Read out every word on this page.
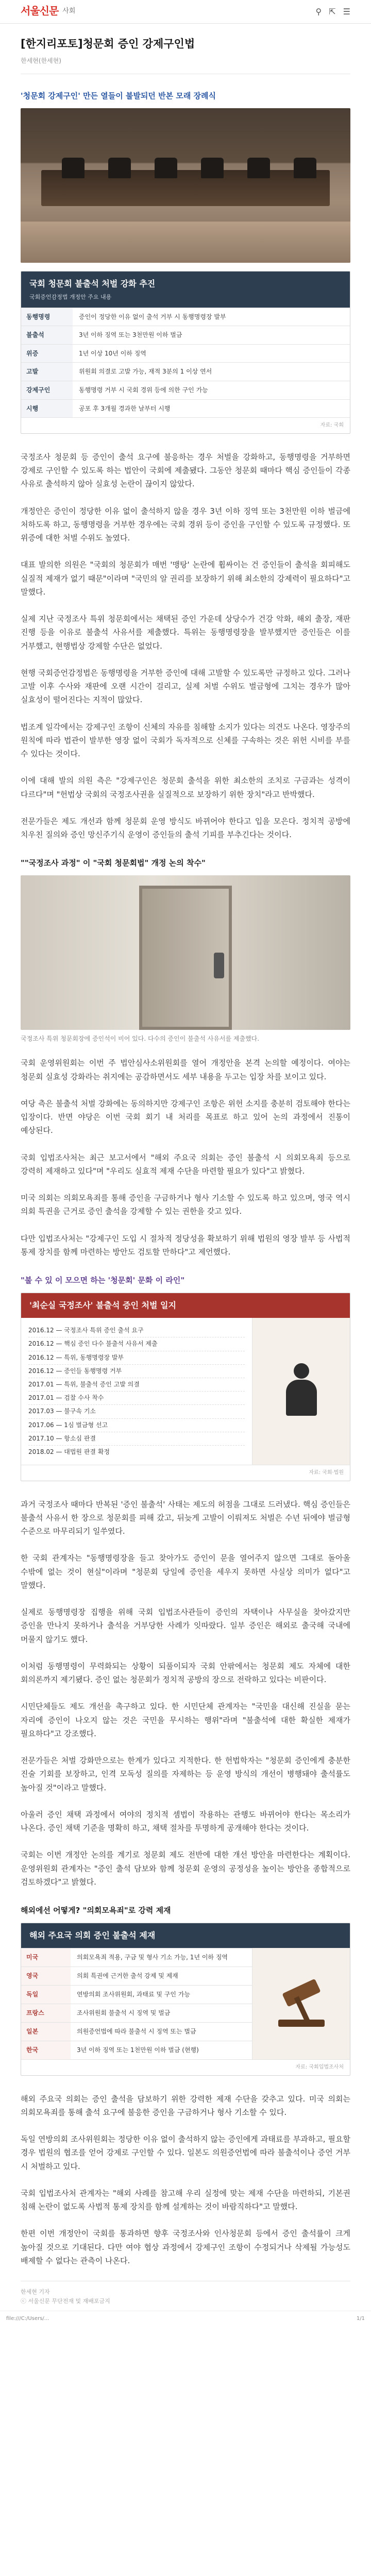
서울신문 사회	⚲ ⇱ ☰
[한지리포토]청문회 증인 강제구인법
한세현(한세현)
'청문회 강제구인' 만든 열들이 불발되던 반본 모래 장례식
국회 청문회 불출석 처벌 강화 추진
국회증언감정법 개정안 주요 내용
동행명령	증인이 정당한 이유 없이 출석 거부 시 동행명령장 발부
불출석	3년 이하 징역 또는 3천만원 이하 벌금
위증	1년 이상 10년 이하 징역
고발	위원회 의결로 고발 가능, 재적 3분의 1 이상 연서
강제구인	동행명령 거부 시 국회 경위 등에 의한 구인 가능
시행	공포 후 3개월 경과한 날부터 시행
자료: 국회

국정조사 청문회 등 증인이 출석 요구에 불응하는 경우 처벌을 강화하고, 동행명령을 거부하면 강제로 구인할 수 있도록 하는 법안이 국회에 제출됐다. 그동안 청문회 때마다 핵심 증인들이 각종 사유로 출석하지 않아 실효성 논란이 끊이지 않았다.

개정안은 증인이 정당한 이유 없이 출석하지 않을 경우 3년 이하 징역 또는 3천만원 이하 벌금에 처하도록 하고, 동행명령을 거부한 경우에는 국회 경위 등이 증인을 구인할 수 있도록 규정했다. 또 위증에 대한 처벌 수위도 높였다.

대표 발의한 의원은 "국회의 청문회가 매번 '맹탕' 논란에 휩싸이는 건 증인들이 출석을 회피해도 실질적 제재가 없기 때문"이라며 "국민의 알 권리를 보장하기 위해 최소한의 강제력이 필요하다"고 말했다.

실제 지난 국정조사 특위 청문회에서는 채택된 증인 가운데 상당수가 건강 악화, 해외 출장, 재판 진행 등을 이유로 불출석 사유서를 제출했다. 특위는 동행명령장을 발부했지만 증인들은 이를 거부했고, 현행법상 강제할 수단은 없었다.

현행 국회증언감정법은 동행명령을 거부한 증인에 대해 고발할 수 있도록만 규정하고 있다. 그러나 고발 이후 수사와 재판에 오랜 시간이 걸리고, 실제 처벌 수위도 벌금형에 그치는 경우가 많아 실효성이 떨어진다는 지적이 많았다.

법조계 일각에서는 강제구인 조항이 신체의 자유를 침해할 소지가 있다는 의견도 나온다. 영장주의 원칙에 따라 법관이 발부한 영장 없이 국회가 독자적으로 신체를 구속하는 것은 위헌 시비를 부를 수 있다는 것이다.

이에 대해 발의 의원 측은 "강제구인은 청문회 출석을 위한 최소한의 조치로 구금과는 성격이 다르다"며 "헌법상 국회의 국정조사권을 실질적으로 보장하기 위한 장치"라고 반박했다.

전문가들은 제도 개선과 함께 청문회 운영 방식도 바뀌어야 한다고 입을 모은다. 정치적 공방에 치우친 질의와 증인 망신주기식 운영이 증인들의 출석 기피를 부추긴다는 것이다.

""국정조사 과정" 이 "국회 청문회법" 개정 논의 착수"
국정조사 특위 청문회장에 증인석이 비어 있다. 다수의 증인이 불출석 사유서를 제출했다.

국회 운영위원회는 이번 주 법안심사소위원회를 열어 개정안을 본격 논의할 예정이다. 여야는 청문회 실효성 강화라는 취지에는 공감하면서도 세부 내용을 두고는 입장 차를 보이고 있다.

여당 측은 불출석 처벌 강화에는 동의하지만 강제구인 조항은 위헌 소지를 충분히 검토해야 한다는 입장이다. 반면 야당은 이번 국회 회기 내 처리를 목표로 하고 있어 논의 과정에서 진통이 예상된다.

국회 입법조사처는 최근 보고서에서 "해외 주요국 의회는 증인 불출석 시 의회모욕죄 등으로 강력히 제재하고 있다"며 "우리도 실효적 제재 수단을 마련할 필요가 있다"고 밝혔다.

미국 의회는 의회모욕죄를 통해 증인을 구금하거나 형사 기소할 수 있도록 하고 있으며, 영국 역시 의회 특권을 근거로 증인 출석을 강제할 수 있는 권한을 갖고 있다.

다만 입법조사처는 "강제구인 도입 시 절차적 정당성을 확보하기 위해 법원의 영장 발부 등 사법적 통제 장치를 함께 마련하는 방안도 검토할 만하다"고 제언했다.

"불 수 있 이 모으면 하는 '청문회' 문화 이 라인"
'최순실 국정조사' 불출석 증인 처벌 일지
2016.12 — 국정조사 특위 증인 출석 요구
2016.12 — 핵심 증인 다수 불출석 사유서 제출
2016.12 — 특위, 동행명령장 발부
2016.12 — 증인들 동행명령 거부
2017.01 — 특위, 불출석 증인 고발 의결
2017.01 — 검찰 수사 착수
2017.03 — 불구속 기소
2017.06 — 1심 벌금형 선고
2017.10 — 항소심 판결
2018.02 — 대법원 판결 확정
자료: 국회·법원

과거 국정조사 때마다 반복된 '증인 불출석' 사태는 제도의 허점을 그대로 드러냈다. 핵심 증인들은 불출석 사유서 한 장으로 청문회를 피해 갔고, 뒤늦게 고발이 이뤄져도 처벌은 수년 뒤에야 벌금형 수준으로 마무리되기 일쑤였다.

한 국회 관계자는 "동행명령장을 들고 찾아가도 증인이 문을 열어주지 않으면 그대로 돌아올 수밖에 없는 것이 현실"이라며 "청문회 당일에 증인을 세우지 못하면 사실상 의미가 없다"고 말했다.

실제로 동행명령장 집행을 위해 국회 입법조사관들이 증인의 자택이나 사무실을 찾아갔지만 증인을 만나지 못하거나 출석을 거부당한 사례가 잇따랐다. 일부 증인은 해외로 출국해 국내에 머물지 않기도 했다.

이처럼 동행명령이 무력화되는 상황이 되풀이되자 국회 안팎에서는 청문회 제도 자체에 대한 회의론까지 제기됐다. 증인 없는 청문회가 정치적 공방의 장으로 전락하고 있다는 비판이다.

시민단체들도 제도 개선을 촉구하고 있다. 한 시민단체 관계자는 "국민을 대신해 진실을 묻는 자리에 증인이 나오지 않는 것은 국민을 무시하는 행위"라며 "불출석에 대한 확실한 제재가 필요하다"고 강조했다.

전문가들은 처벌 강화만으로는 한계가 있다고 지적한다. 한 헌법학자는 "청문회 증인에게 충분한 진술 기회를 보장하고, 인격 모독성 질의를 자제하는 등 운영 방식의 개선이 병행돼야 출석률도 높아질 것"이라고 말했다.

아울러 증인 채택 과정에서 여야의 정치적 셈법이 작용하는 관행도 바뀌어야 한다는 목소리가 나온다. 증인 채택 기준을 명확히 하고, 채택 절차를 투명하게 공개해야 한다는 것이다.

국회는 이번 개정안 논의를 계기로 청문회 제도 전반에 대한 개선 방안을 마련한다는 계획이다. 운영위원회 관계자는 "증인 출석 담보와 함께 청문회 운영의 공정성을 높이는 방안을 종합적으로 검토하겠다"고 밝혔다.

해외에선 어떻게? "의회모욕죄"로 강력 제재
해외 주요국 의회 증인 불출석 제재
미국	의회모욕죄 적용, 구금 및 형사 기소 가능, 1년 이하 징역
영국	의회 특권에 근거한 출석 강제 및 제재
독일	연방의회 조사위원회, 과태료 및 구인 가능
프랑스	조사위원회 불출석 시 징역 및 벌금
일본	의원증언법에 따라 불출석 시 징역 또는 벌금
한국	3년 이하 징역 또는 1천만원 이하 벌금 (현행)
자료: 국회입법조사처

해외 주요국 의회는 증인 출석을 담보하기 위한 강력한 제재 수단을 갖추고 있다. 미국 의회는 의회모욕죄를 통해 출석 요구에 불응한 증인을 구금하거나 형사 기소할 수 있다.

독일 연방의회 조사위원회는 정당한 이유 없이 출석하지 않는 증인에게 과태료를 부과하고, 필요할 경우 법원의 협조를 얻어 강제로 구인할 수 있다. 일본도 의원증언법에 따라 불출석이나 증언 거부 시 처벌하고 있다.

국회 입법조사처 관계자는 "해외 사례를 참고해 우리 실정에 맞는 제재 수단을 마련하되, 기본권 침해 논란이 없도록 사법적 통제 장치를 함께 설계하는 것이 바람직하다"고 말했다.

한편 이번 개정안이 국회를 통과하면 향후 국정조사와 인사청문회 등에서 증인 출석률이 크게 높아질 것으로 기대된다. 다만 여야 협상 과정에서 강제구인 조항이 수정되거나 삭제될 가능성도 배제할 수 없다는 관측이 나온다.

한세현 기자
ⓒ 서울신문 무단전재 및 재배포금지
file:///C:/Users/...	1/1
